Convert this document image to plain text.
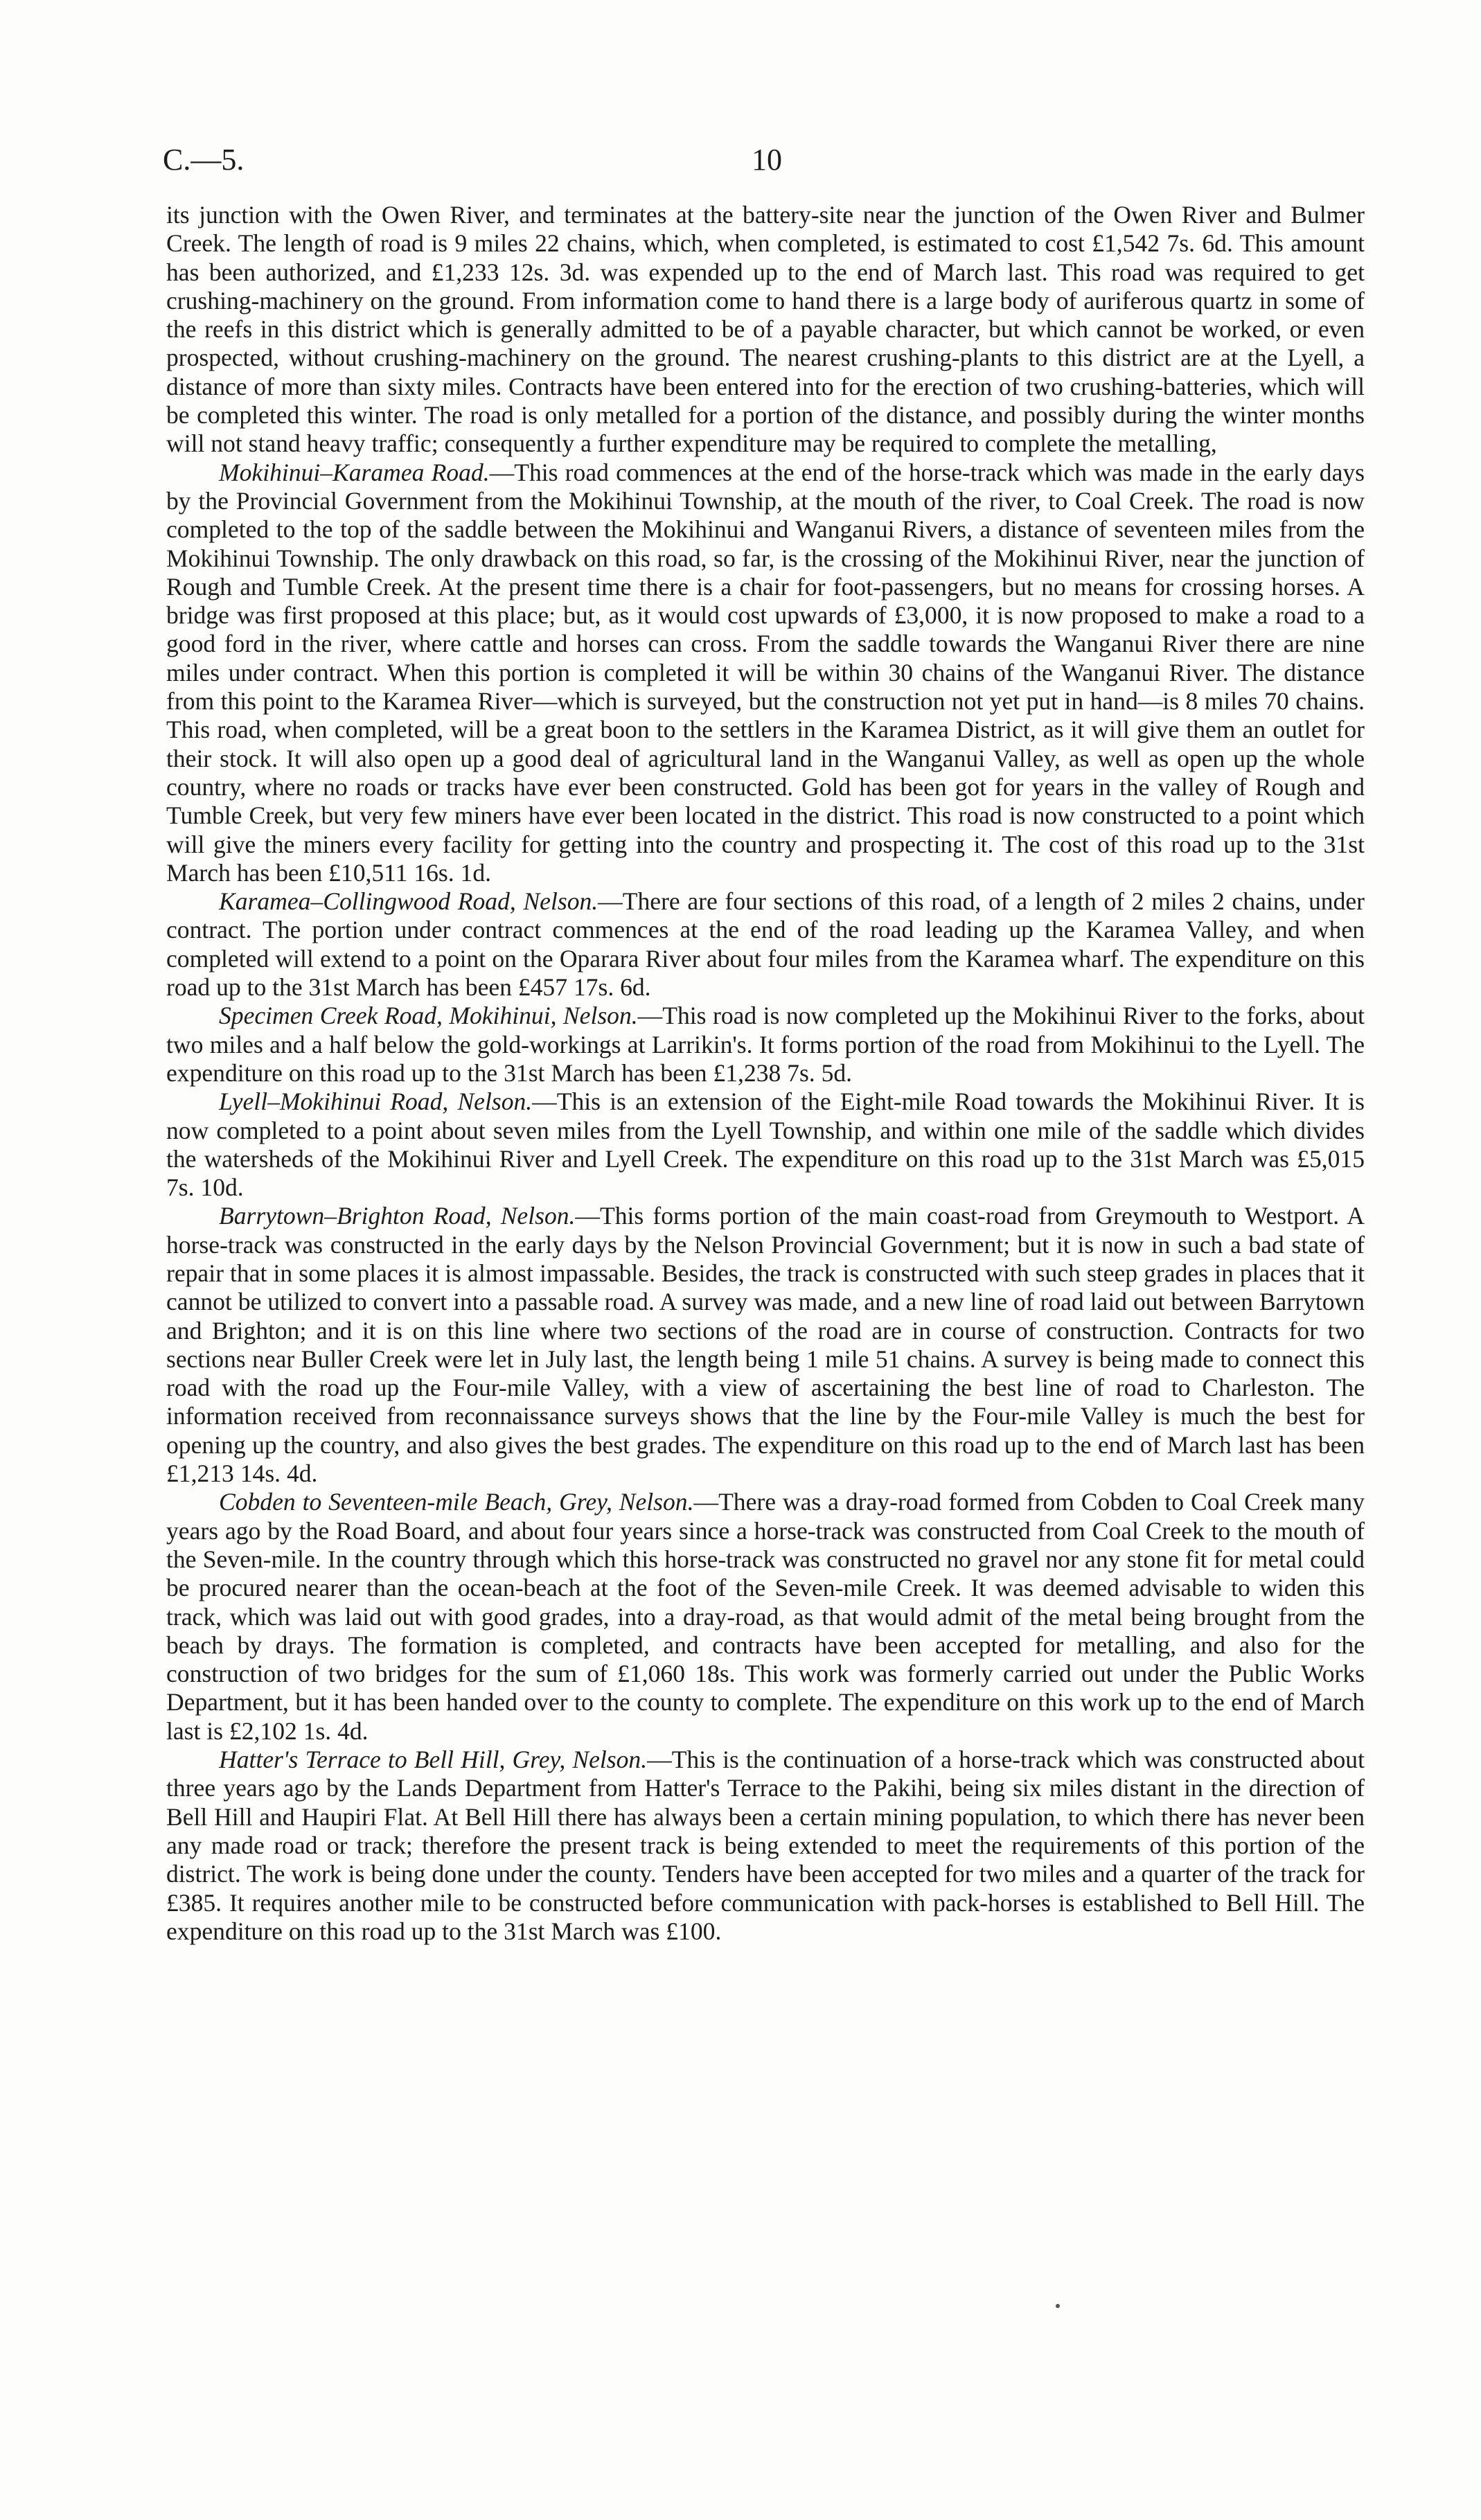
C.—5.	10

its junction with the Owen River, and terminates at the battery-site near the junction of the Owen River and Bulmer Creek. The length of road is 9 miles 22 chains, which, when completed, is estimated to cost £1,542 7s. 6d. This amount has been authorized, and £1,233 12s. 3d. was expended up to the end of March last. This road was required to get crushing-machinery on the ground. From information come to hand there is a large body of auriferous quartz in some of the reefs in this district which is generally admitted to be of a payable character, but which cannot be worked, or even prospected, without crushing-machinery on the ground. The nearest crushing-plants to this district are at the Lyell, a distance of more than sixty miles. Contracts have been entered into for the erection of two crushing-batteries, which will be completed this winter. The road is only metalled for a portion of the distance, and possibly during the winter months will not stand heavy traffic; consequently a further expenditure may be required to complete the metalling,

Mokihinui–Karamea Road.—This road commences at the end of the horse-track which was made in the early days by the Provincial Government from the Mokihinui Township, at the mouth of the river, to Coal Creek. The road is now completed to the top of the saddle between the Mokihinui and Wanganui Rivers, a distance of seventeen miles from the Mokihinui Township. The only drawback on this road, so far, is the crossing of the Mokihinui River, near the junction of Rough and Tumble Creek. At the present time there is a chair for foot-passengers, but no means for crossing horses. A bridge was first proposed at this place; but, as it would cost upwards of £3,000, it is now proposed to make a road to a good ford in the river, where cattle and horses can cross. From the saddle towards the Wanganui River there are nine miles under contract. When this portion is completed it will be within 30 chains of the Wanganui River. The distance from this point to the Karamea River—which is surveyed, but the construction not yet put in hand—is 8 miles 70 chains. This road, when completed, will be a great boon to the settlers in the Karamea District, as it will give them an outlet for their stock. It will also open up a good deal of agricultural land in the Wanganui Valley, as well as open up the whole country, where no roads or tracks have ever been constructed. Gold has been got for years in the valley of Rough and Tumble Creek, but very few miners have ever been located in the district. This road is now constructed to a point which will give the miners every facility for getting into the country and prospecting it. The cost of this road up to the 31st March has been £10,511 16s. 1d.

Karamea–Collingwood Road, Nelson.—There are four sections of this road, of a length of 2 miles 2 chains, under contract. The portion under contract commences at the end of the road leading up the Karamea Valley, and when completed will extend to a point on the Oparara River about four miles from the Karamea wharf. The expenditure on this road up to the 31st March has been £457 17s. 6d.

Specimen Creek Road, Mokihinui, Nelson.—This road is now completed up the Mokihinui River to the forks, about two miles and a half below the gold-workings at Larrikin's. It forms portion of the road from Mokihinui to the Lyell. The expenditure on this road up to the 31st March has been £1,238 7s. 5d.

Lyell–Mokihinui Road, Nelson.—This is an extension of the Eight-mile Road towards the Mokihinui River. It is now completed to a point about seven miles from the Lyell Township, and within one mile of the saddle which divides the watersheds of the Mokihinui River and Lyell Creek. The expenditure on this road up to the 31st March was £5,015 7s. 10d.

Barrytown–Brighton Road, Nelson.—This forms portion of the main coast-road from Greymouth to Westport. A horse-track was constructed in the early days by the Nelson Provincial Government; but it is now in such a bad state of repair that in some places it is almost impassable. Besides, the track is constructed with such steep grades in places that it cannot be utilized to convert into a passable road. A survey was made, and a new line of road laid out between Barrytown and Brighton; and it is on this line where two sections of the road are in course of construction. Contracts for two sections near Buller Creek were let in July last, the length being 1 mile 51 chains. A survey is being made to connect this road with the road up the Four-mile Valley, with a view of ascertaining the best line of road to Charleston. The information received from reconnaissance surveys shows that the line by the Four-mile Valley is much the best for opening up the country, and also gives the best grades. The expenditure on this road up to the end of March last has been £1,213 14s. 4d.

Cobden to Seventeen-mile Beach, Grey, Nelson.—There was a dray-road formed from Cobden to Coal Creek many years ago by the Road Board, and about four years since a horse-track was constructed from Coal Creek to the mouth of the Seven-mile. In the country through which this horse-track was constructed no gravel nor any stone fit for metal could be procured nearer than the ocean-beach at the foot of the Seven-mile Creek. It was deemed advisable to widen this track, which was laid out with good grades, into a dray-road, as that would admit of the metal being brought from the beach by drays. The formation is completed, and contracts have been accepted for metalling, and also for the construction of two bridges for the sum of £1,060 18s. This work was formerly carried out under the Public Works Department, but it has been handed over to the county to complete. The expenditure on this work up to the end of March last is £2,102 1s. 4d.

Hatter's Terrace to Bell Hill, Grey, Nelson.—This is the continuation of a horse-track which was constructed about three years ago by the Lands Department from Hatter's Terrace to the Pakihi, being six miles distant in the direction of Bell Hill and Haupiri Flat. At Bell Hill there has always been a certain mining population, to which there has never been any made road or track; therefore the present track is being extended to meet the requirements of this portion of the district. The work is being done under the county. Tenders have been accepted for two miles and a quarter of the track for £385. It requires another mile to be constructed before communication with pack-horses is established to Bell Hill. The expenditure on this road up to the 31st March was £100.
